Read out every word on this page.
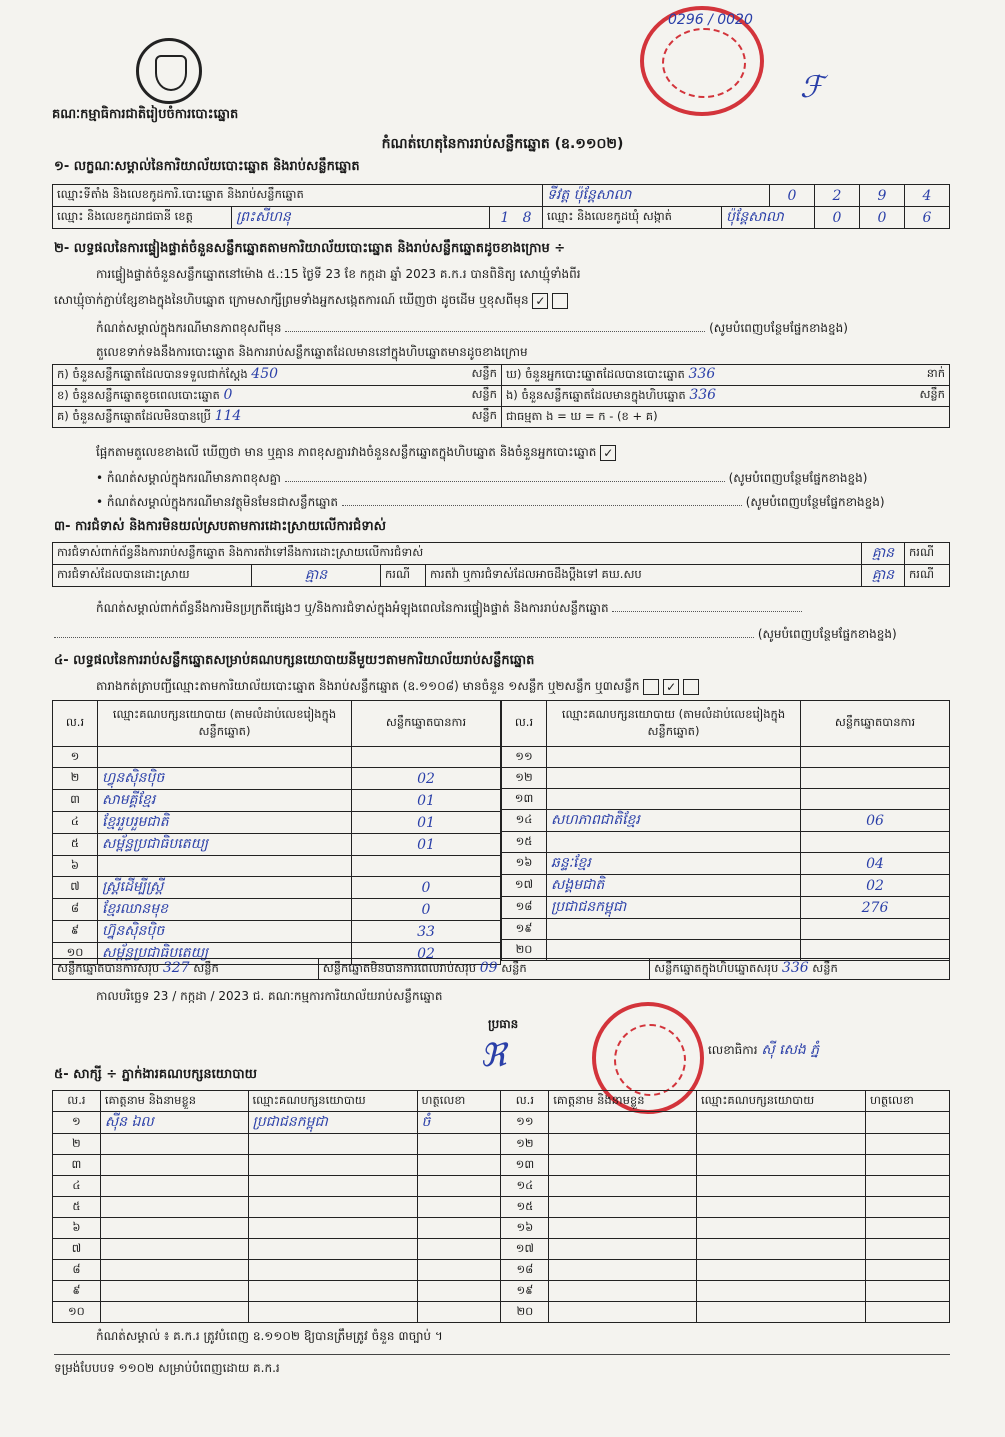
គណៈកម្មាធិការជាតិរៀបចំការបោះឆ្នោត
0296 / 0020
ℱ
កំណត់ហេតុនៃការរាប់សន្លឹកឆ្នោត (ឧ.១១០២)
១- លក្ខណៈសម្គាល់នៃការិយាល័យបោះឆ្នោត និងរាប់សន្លឹកឆ្នោត
ឈ្មោះទីតាំង និងលេខកូដការិ.បោះឆ្នោត និងរាប់សន្លឹកឆ្នោត			ទីវត្ត ប៉ុន្តែសាលា		0	2	9	4
ឈ្មោះ និងលេខកូដរាជធានី ខេត្ត	ព្រះសីហនុ	1 8	ឈ្មោះ និងលេខកូដឃុំ សង្កាត់	ប៉ុន្តែសាលា		0	0	6
២- លទ្ធផលនៃការផ្ទៀងផ្ទាត់ចំនួនសន្លឹកឆ្នោតតាមការិយាល័យបោះឆ្នោត និងរាប់សន្លឹកឆ្នោតដូចខាងក្រោម ÷
ការផ្ទៀងផ្ទាត់ចំនួនសន្លឹកឆ្នោតនៅម៉ោង ៥.:15 ថ្ងៃទី 23 ខែ កក្កដា ឆ្នាំ 2023 គ.ក.រ បានពិនិត្យ សោឃ្មុំទាំងពីរ
សោឃ្មុំចាក់ភ្ជាប់ខ្សែខាងក្នុងនៃហិបឆ្នោត ក្រោមសាក្សីព្រមទាំងអ្នកសង្កេតការណ៍ ឃើញថា ដូចដើម ឬខុសពីមុន ✓
កំណត់សម្គាល់ក្នុងករណីមានភាពខុសពីមុន	(សូមបំពេញបន្ថែមផ្នែកខាងខ្នង)
តួលេខទាក់ទងនឹងការបោះឆ្នោត និងការរាប់សន្លឹកឆ្នោតដែលមាននៅក្នុងហិបឆ្នោតមានដូចខាងក្រោម
ក) ចំនួនសន្លឹកឆ្នោតដែលបានទទួលជាក់ស្តែង 450 សន្លឹក	ឃ) ចំនួនអ្នកបោះឆ្នោតដែលបានបោះឆ្នោត 336 នាក់

ខ) ចំនួនសន្លឹកឆ្នោតខូចពេលបោះឆ្នោត 0 សន្លឹក	ង) ចំនួនសន្លឹកឆ្នោតដែលមានក្នុងហិបឆ្នោត 336 សន្លឹក

គ) ចំនួនសន្លឹកឆ្នោតដែលមិនបានប្រើ 114 សន្លឹក	ជាធម្មតា ង = ឃ = ក - (ខ + គ)
ផ្អែកតាមតួលេខខាងលើ ឃើញថា មាន ឬគ្មាន ភាពខុសគ្នារវាងចំនួនសន្លឹកឆ្នោតក្នុងហិបឆ្នោត និងចំនួនអ្នកបោះឆ្នោត ✓
• កំណត់សម្គាល់ក្នុងករណីមានភាពខុសគ្នា	(សូមបំពេញបន្ថែមផ្នែកខាងខ្នង)
• កំណត់សម្គាល់ក្នុងករណីមានវត្ថុមិនមែនជាសន្លឹកឆ្នោត	(សូមបំពេញបន្ថែមផ្នែកខាងខ្នង)
៣- ការជំទាស់ និងការមិនយល់ស្របតាមការដោះស្រាយលើការជំទាស់
ការជំទាស់ពាក់ព័ន្ធនឹងការរាប់សន្លឹកឆ្នោត និងការតវ៉ាទៅនឹងការដោះស្រាយលើការជំទាស់				គ្មាន	ករណី
ការជំទាស់ដែលបានដោះស្រាយ	គ្មាន	ករណី	ការតវ៉ា ឬការជំទាស់ដែលអាចដឹងប្តឹងទៅ គឃ.សប	គ្មាន	ករណី
កំណត់សម្គាល់ពាក់ព័ន្ធនឹងការមិនប្រក្រតីផ្សេងៗ ឬ/និងការជំទាស់ក្នុងអំឡុងពេលនៃការផ្ទៀងផ្ទាត់ និងការរាប់សន្លឹកឆ្នោត
(សូមបំពេញបន្ថែមផ្នែកខាងខ្នង)
៤- លទ្ធផលនៃការរាប់សន្លឹកឆ្នោតសម្រាប់គណបក្សនយោបាយនីមួយៗតាមការិយាល័យរាប់សន្លឹកឆ្នោត
តារាងកត់ត្រាបញ្ជីឈ្មោះតាមការិយាល័យបោះឆ្នោត និងរាប់សន្លឹកឆ្នោត (ឧ.១១០៨) មានចំនួន ១សន្លឹក ឬ២សន្លឹក ឬ៣សន្លឹក ✓
ល.រ	ឈ្មោះគណបក្សនយោបាយ (តាមលំដាប់លេខរៀងក្នុងសន្លឹកឆ្នោត)	សន្លឹកឆ្នោតបានការ
១		
២	ហ្វុនស៊ិនប៉ិច	02
៣	សាមគ្គីខ្មែរ	01
៤	ខ្មែររួបរួមជាតិ	01
៥	សម្ព័ន្ធប្រជាធិបតេយ្យ	01
៦		
៧	ស្ត្រីដើម្បីស្ត្រី	0
៨	ខ្មែរឈានមុខ	0
៩	ហ្វ៊ុនស៊ិនប៉ិច	33
១០	សម្ព័ន្ធប្រជាធិបតេយ្យ	02
ល.រ	ឈ្មោះគណបក្សនយោបាយ (តាមលំដាប់លេខរៀងក្នុងសន្លឹកឆ្នោត)	សន្លឹកឆ្នោតបានការ
១១		
១២		
១៣		
១៤	សហភាពជាតិខ្មែរ	06
១៥		
១៦	ឆន្ទៈខ្មែរ	04
១៧	សង្គមជាតិ	02
១៨	ប្រជាជនកម្ពុជា	276
១៩		
២០		
សន្លឹកឆ្នោតបានការសរុប 327 សន្លឹក	សន្លឹកឆ្នោតមិនបានការពេលរាប់សរុប 09 សន្លឹក	សន្លឹកឆ្នោតក្នុងហិបឆ្នោតសរុប 336 សន្លឹក
កាលបរិច្ឆេទ 23 / កក្កដា / 2023 ជ. គណៈកម្មការការិយាល័យរាប់សន្លឹកឆ្នោត
ប្រធាន
ℜ	លេខាធិការ ស៊ី សេង ភ្នំ
៥- សាក្សី ÷ ភ្នាក់ងារគណបក្សនយោបាយ
ល.រ	គោត្តនាម និងនាមខ្លួន	ឈ្មោះគណបក្សនយោបាយ	ហត្ថលេខា	ល.រ	គោត្តនាម និងនាមខ្លួន	ឈ្មោះគណបក្សនយោបាយ	ហត្ថលេខា
១	ស៊ីន ឯល	ប្រជាជនកម្ពុជា	ចំ	១១			
២				១២			
៣				១៣			
៤				១៤			
៥				១៥			
៦				១៦			
៧				១៧			
៨				១៨			
៩				១៩			
១០				២០			
កំណត់សម្គាល់ ៖ គ.ក.រ ត្រូវបំពេញ ឧ.១១០២ ឱ្យបានត្រឹមត្រូវ ចំនួន ៣ច្បាប់ ។
ទម្រង់បែបបទ ១១០២ សម្រាប់បំពេញដោយ គ.ក.រ
